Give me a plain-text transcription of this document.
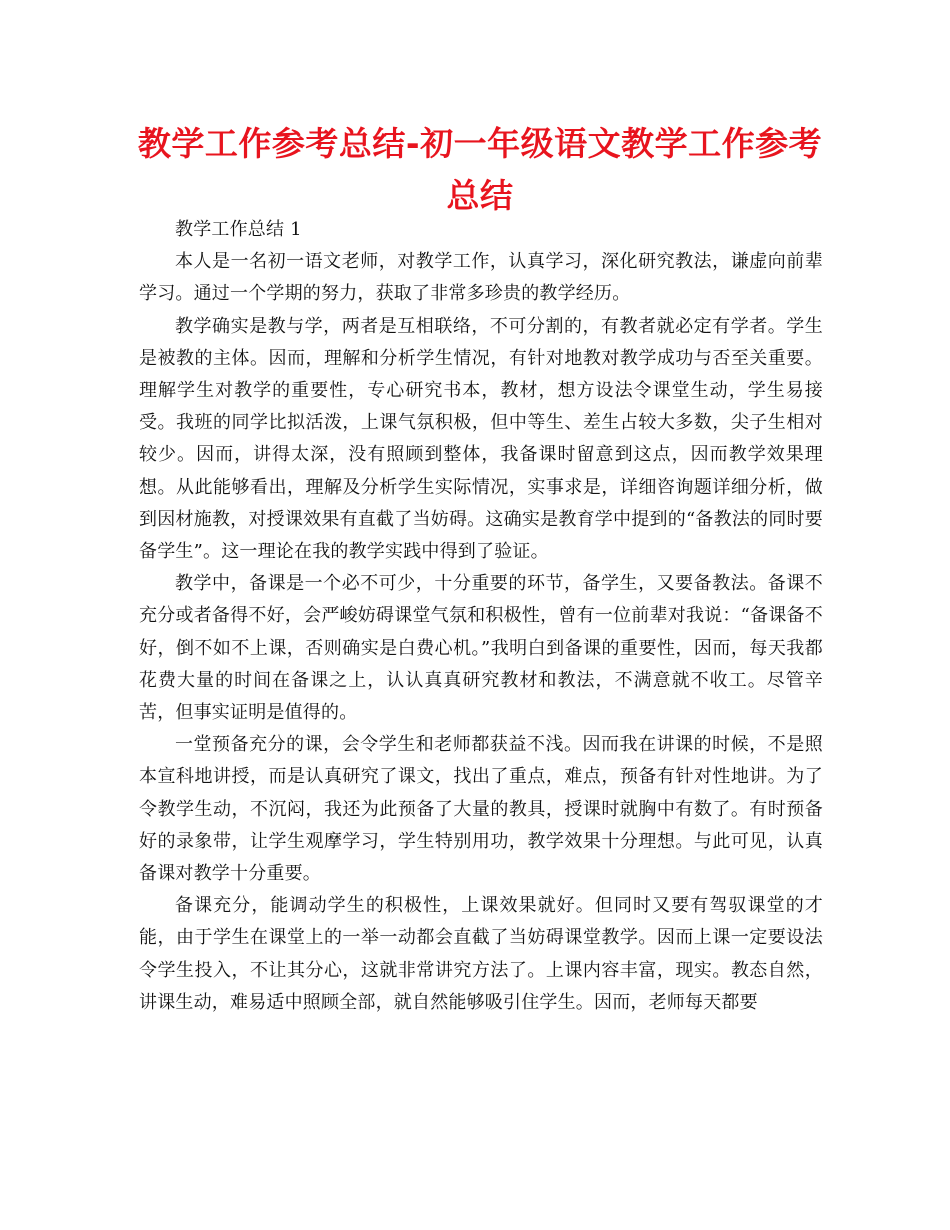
教学工作参考总结-初一年级语文教学工作参考总结

教学工作总结 1

本人是一名初一语文老师，对教学工作，认真学习，深化研究教法，谦虚向前辈学习。通过一个学期的努力，获取了非常多珍贵的教学经历。

教学确实是教与学，两者是互相联络，不可分割的，有教者就必定有学者。学生是被教的主体。因而，理解和分析学生情况，有针对地教对教学成功与否至关重要。理解学生对教学的重要性，专心研究书本，教材，想方设法令课堂生动，学生易接受。我班的同学比拟活泼，上课气氛积极，但中等生、差生占较大多数，尖子生相对较少。因而，讲得太深，没有照顾到整体，我备课时留意到这点，因而教学效果理想。从此能够看出，理解及分析学生实际情况，实事求是，详细咨询题详细分析，做到因材施教，对授课效果有直截了当妨碍。这确实是教育学中提到的“备教法的同时要备学生”。这一理论在我的教学实践中得到了验证。

教学中，备课是一个必不可少，十分重要的环节，备学生，又要备教法。备课不充分或者备得不好，会严峻妨碍课堂气氛和积极性，曾有一位前辈对我说：“备课备不好，倒不如不上课，否则确实是白费心机。”我明白到备课的重要性，因而，每天我都花费大量的时间在备课之上，认认真真研究教材和教法，不满意就不收工。尽管辛苦，但事实证明是值得的。

一堂预备充分的课，会令学生和老师都获益不浅。因而我在讲课的时候，不是照本宣科地讲授，而是认真研究了课文，找出了重点，难点，预备有针对性地讲。为了令教学生动，不沉闷，我还为此预备了大量的教具，授课时就胸中有数了。有时预备好的录象带，让学生观摩学习，学生特别用功，教学效果十分理想。与此可见，认真备课对教学十分重要。

备课充分，能调动学生的积极性，上课效果就好。但同时又要有驾驭课堂的才能，由于学生在课堂上的一举一动都会直截了当妨碍课堂教学。因而上课一定要设法令学生投入，不让其分心，这就非常讲究方法了。上课内容丰富，现实。教态自然，讲课生动，难易适中照顾全部，就自然能够吸引住学生。因而，老师每天都要
